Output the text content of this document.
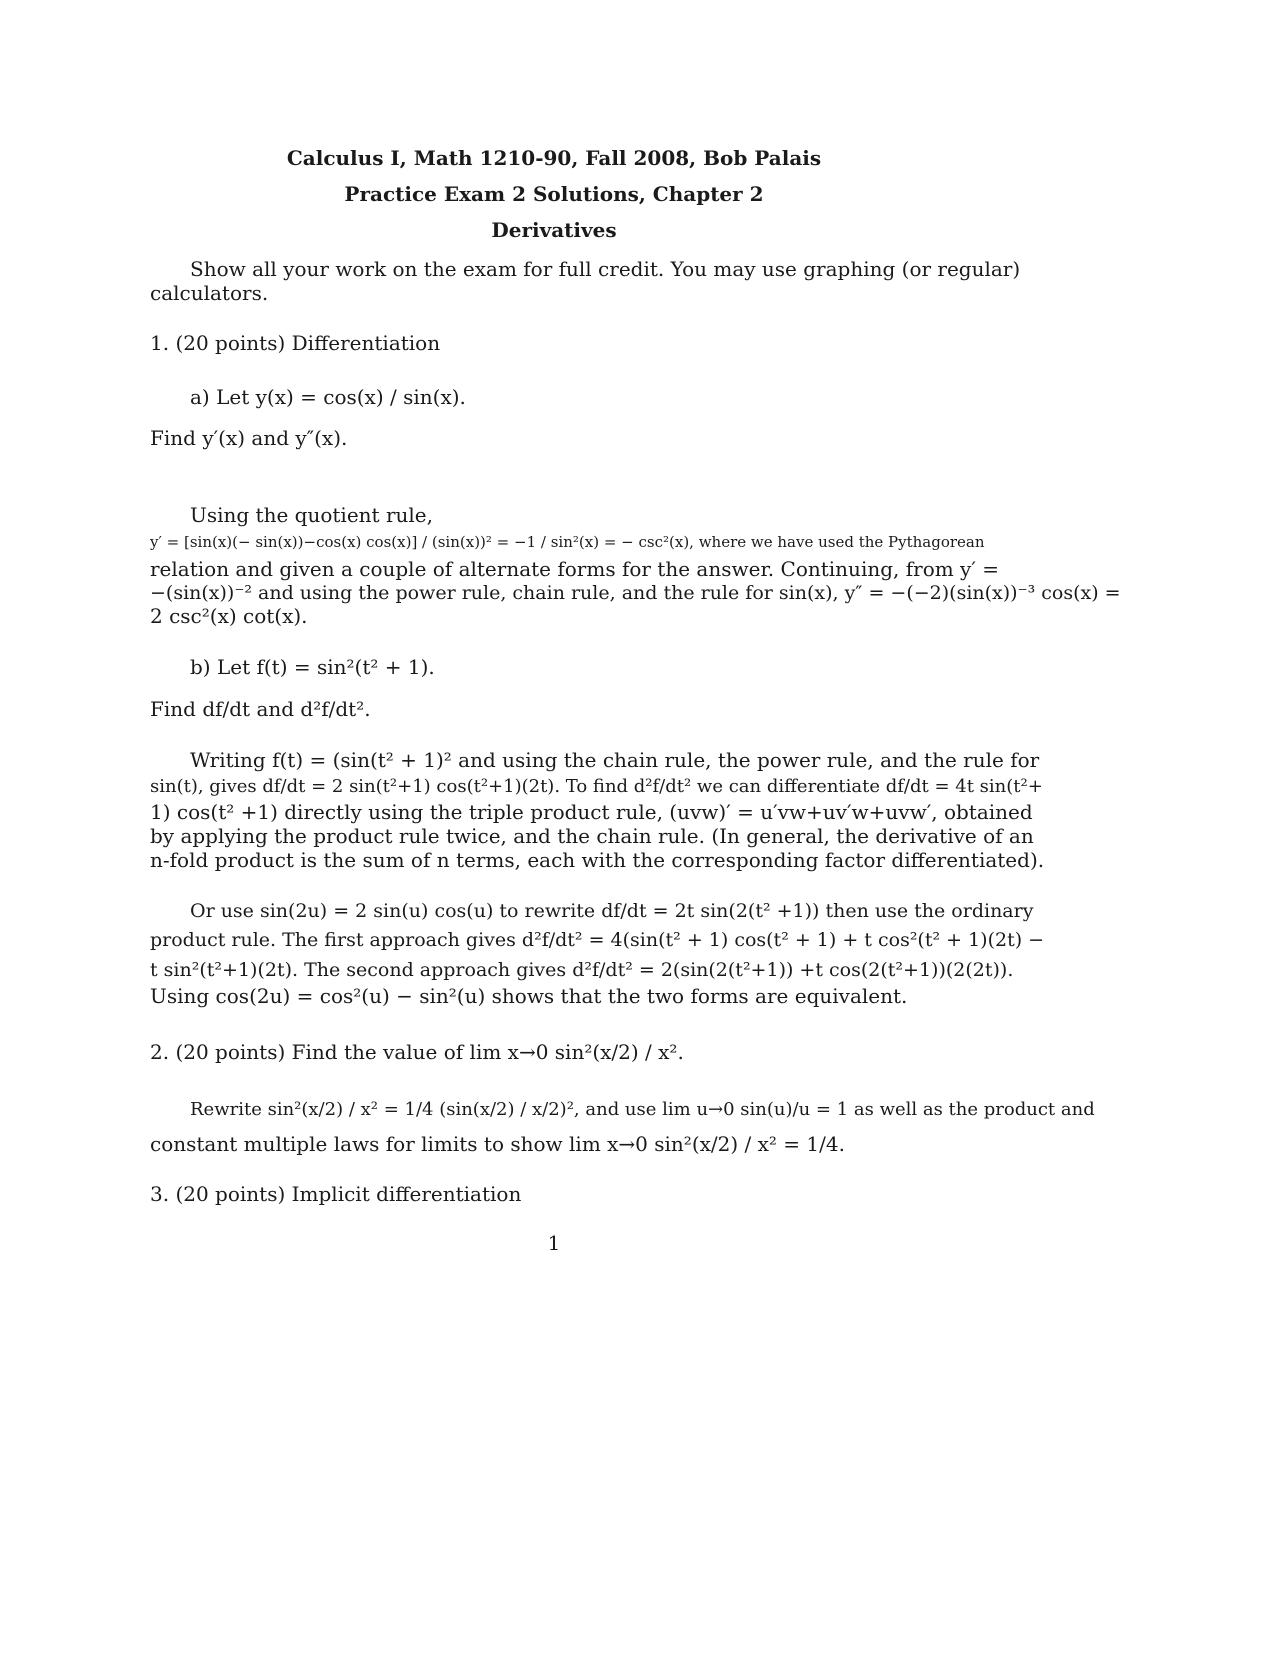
Calculus I, Math 1210-90, Fall 2008, Bob Palais

Practice Exam 2 Solutions, Chapter 2

Derivatives

Show all your work on the exam for full credit. You may use graphing (or regular)

calculators.

1. (20 points) Differentiation

a) Let y(x) = cos(x) / sin(x).

Find y′(x) and y″(x).

Using the quotient rule,

y′ = [sin(x)(− sin(x))−cos(x) cos(x)] / (sin(x))² = −1 / sin²(x) = − csc²(x), where we have used the Pythagorean

relation and given a couple of alternate forms for the answer. Continuing, from y′ =

−(sin(x))⁻² and using the power rule, chain rule, and the rule for sin(x), y″ = −(−2)(sin(x))⁻³ cos(x) =

2 csc²(x) cot(x).

b) Let f(t) = sin²(t² + 1).

Find df/dt and d²f/dt².

Writing f(t) = (sin(t² + 1)² and using the chain rule, the power rule, and the rule for

sin(t), gives df/dt = 2 sin(t²+1) cos(t²+1)(2t). To find d²f/dt² we can differentiate df/dt = 4t sin(t²+

1) cos(t² +1) directly using the triple product rule, (uvw)′ = u′vw+uv′w+uvw′, obtained

by applying the product rule twice, and the chain rule. (In general, the derivative of an

n-fold product is the sum of n terms, each with the corresponding factor differentiated).

Or use sin(2u) = 2 sin(u) cos(u) to rewrite df/dt = 2t sin(2(t² +1)) then use the ordinary

product rule. The first approach gives d²f/dt² = 4(sin(t² + 1) cos(t² + 1) + t cos²(t² + 1)(2t) −

t sin²(t²+1)(2t). The second approach gives d²f/dt² = 2(sin(2(t²+1)) +t cos(2(t²+1))(2(2t)).

Using cos(2u) = cos²(u) − sin²(u) shows that the two forms are equivalent.

2. (20 points) Find the value of lim x→0 sin²(x/2) / x².

Rewrite sin²(x/2) / x² = 1/4 (sin(x/2) / x/2)², and use lim u→0 sin(u)/u = 1 as well as the product and

constant multiple laws for limits to show lim x→0 sin²(x/2) / x² = 1/4.

3. (20 points) Implicit differentiation

1
